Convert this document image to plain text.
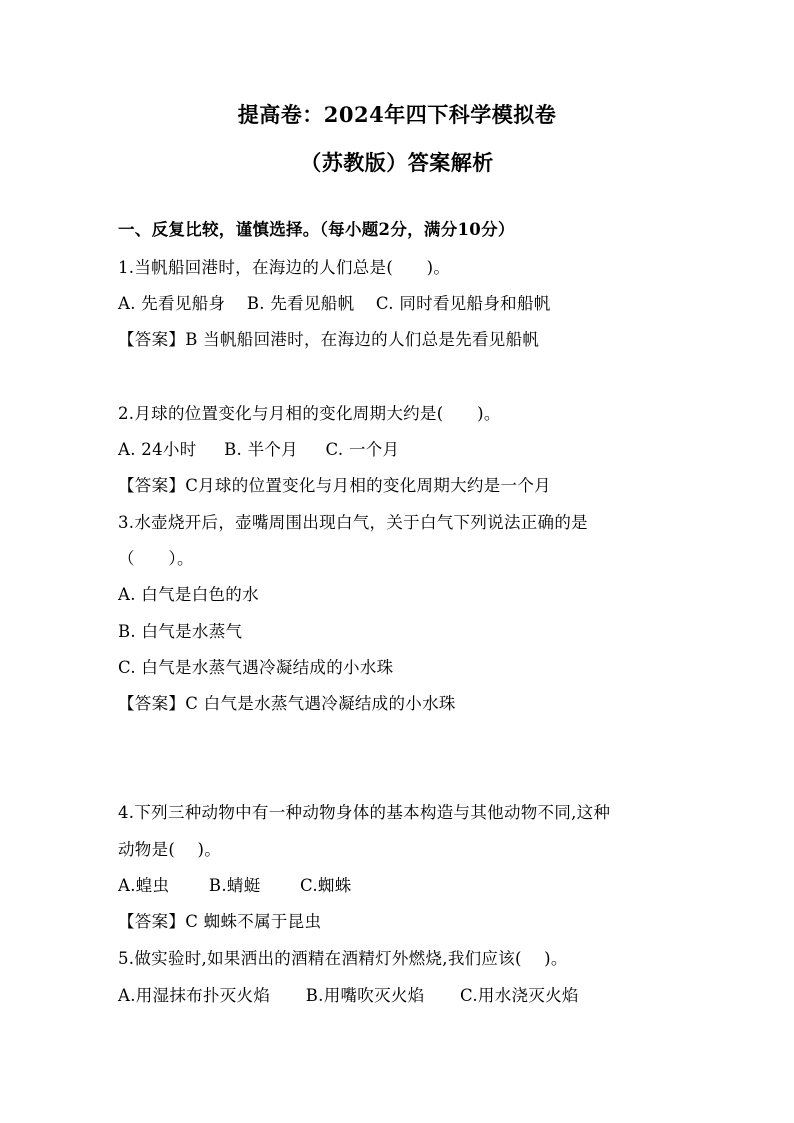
提高卷：2024年四下科学模拟卷
（苏教版）答案解析
一、反复比较，谨慎选择。（每小题2分，满分10分）
1.当帆船回港时，在海边的人们总是(　　)。
A. 先看见船身 B. 先看见船帆 C. 同时看见船身和船帆
【答案】B 当帆船回港时，在海边的人们总是先看见船帆
2.月球的位置变化与月相的变化周期大约是(　　)。
A. 24小时 B. 半个月 C. 一个月
【答案】C月球的位置变化与月相的变化周期大约是一个月
3.水壶烧开后，壶嘴周围出现白气，关于白气下列说法正确的是
（　　）。
A. 白气是白色的水
B. 白气是水蒸气
C. 白气是水蒸气遇冷凝结成的小水珠
【答案】C 白气是水蒸气遇冷凝结成的小水珠
4.下列三种动物中有一种动物身体的基本构造与其他动物不同,这种
动物是(　 )。
A.蝗虫 B.蜻蜓 C.蜘蛛
【答案】C 蜘蛛不属于昆虫
5.做实验时,如果洒出的酒精在酒精灯外燃烧,我们应该(　 )。
A.用湿抹布扑灭火焰 B.用嘴吹灭火焰 C.用水浇灭火焰
